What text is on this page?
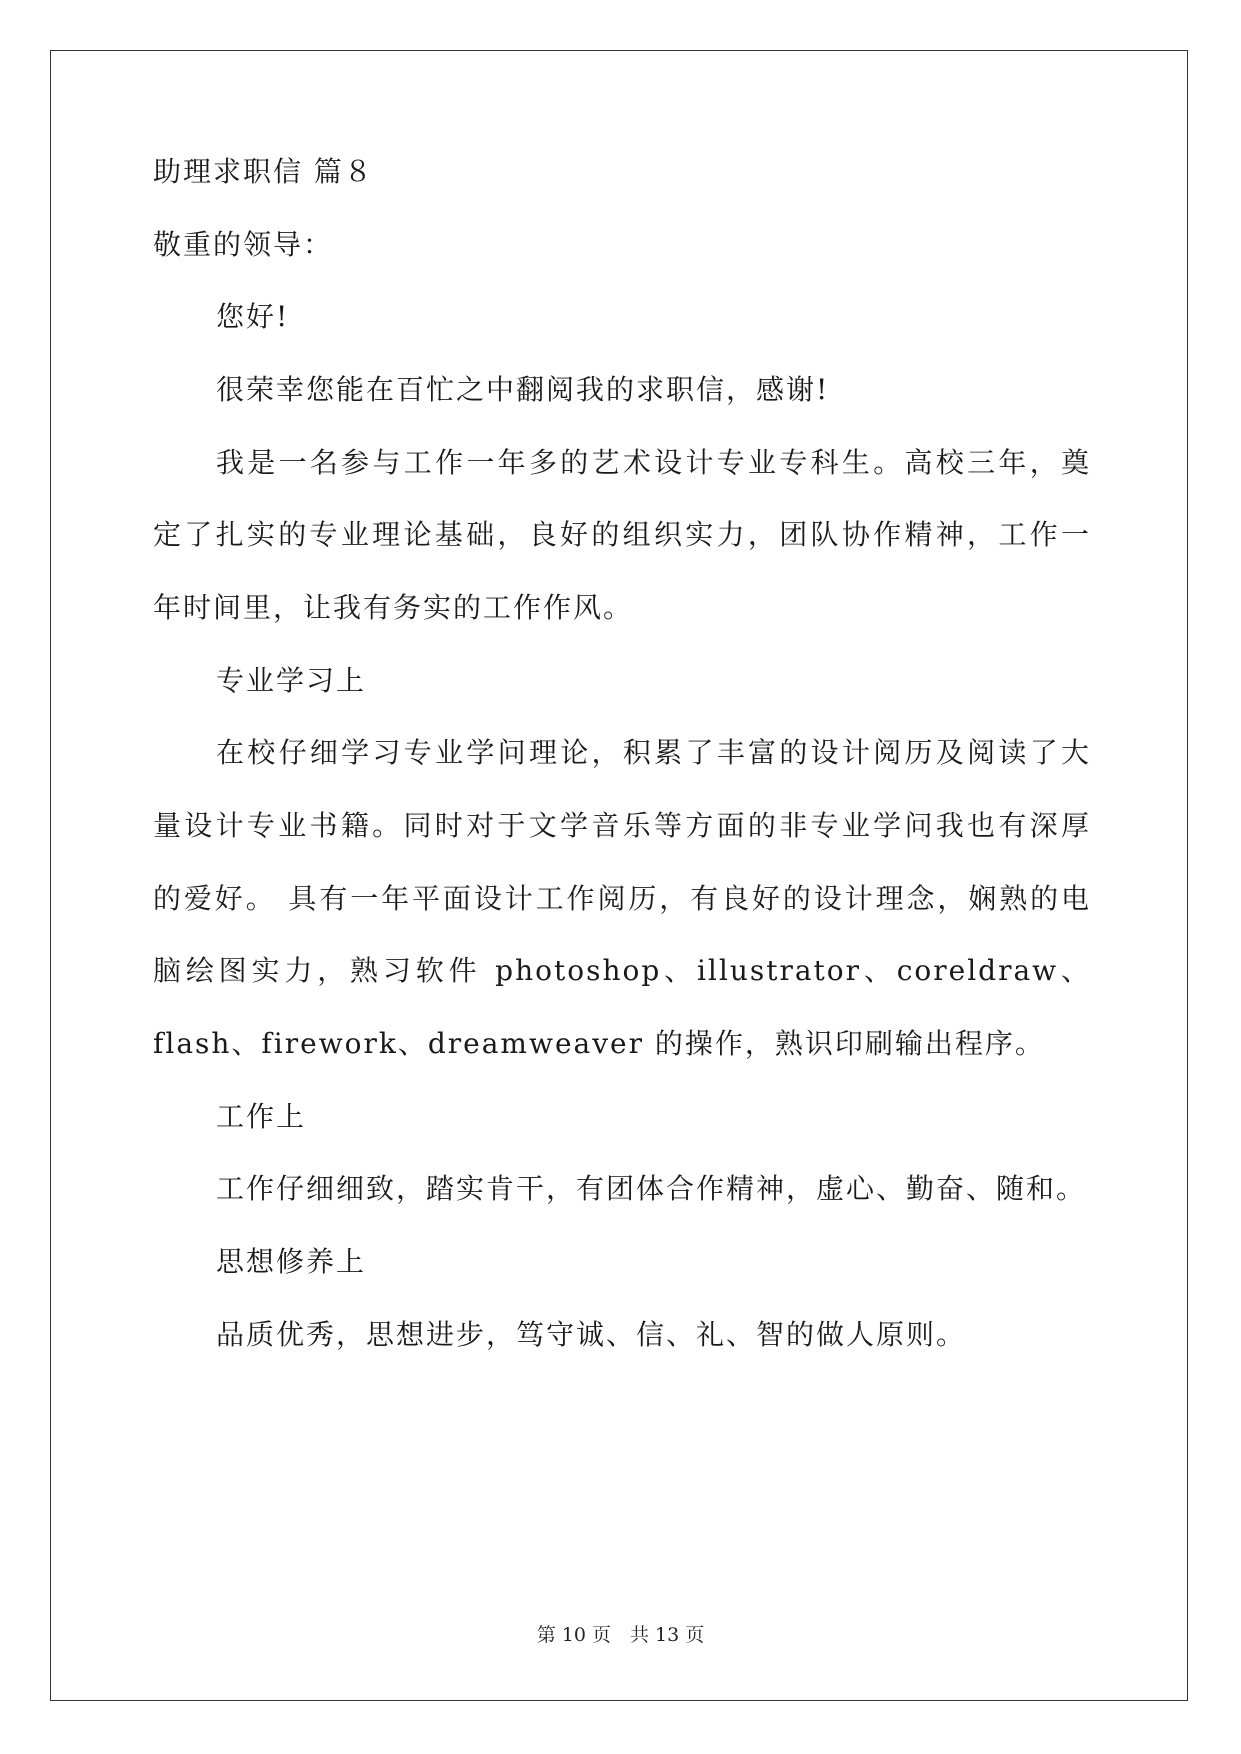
助理求职信 篇８
敬重的领导：
您好!
很荣幸您能在百忙之中翻阅我的求职信，感谢!
我是一名参与工作一年多的艺术设计专业专科生。高校三年，奠
定了扎实的专业理论基础，良好的组织实力，团队协作精神，工作一
年时间里，让我有务实的工作作风。
专业学习上
在校仔细学习专业学问理论，积累了丰富的设计阅历及阅读了大
量设计专业书籍。同时对于文学音乐等方面的非专业学问我也有深厚
的爱好。 具有一年平面设计工作阅历，有良好的设计理念，娴熟的电
脑绘图实力，熟习软件 photoshop、illustrator、coreldraw、
flash、firework、dreamweaver 的操作，熟识印刷输出程序。
工作上
工作仔细细致，踏实肯干，有团体合作精神，虚心、勤奋、随和。
思想修养上
品质优秀，思想进步，笃守诚、信、礼、智的做人原则。
第 10 页　共 13 页
